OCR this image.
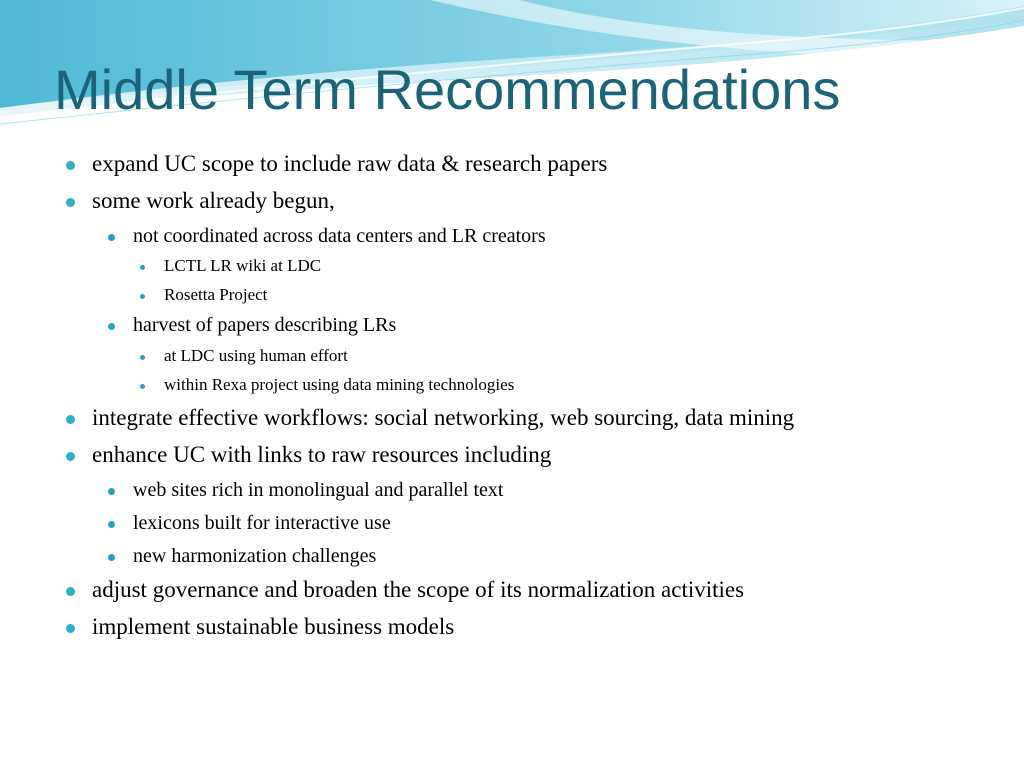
Middle Term Recommendations
expand UC scope to include raw data & research papers
some work already begun,
not coordinated across data centers and LR creators
LCTL LR wiki at LDC
Rosetta Project
harvest of papers describing LRs
at LDC using human effort
within Rexa project using data mining technologies
integrate effective workflows: social networking, web sourcing, data mining
enhance UC with links to raw resources including
web sites rich in monolingual and parallel text
lexicons built for interactive use
new harmonization challenges
adjust governance and broaden the scope of its normalization activities
implement sustainable business models
